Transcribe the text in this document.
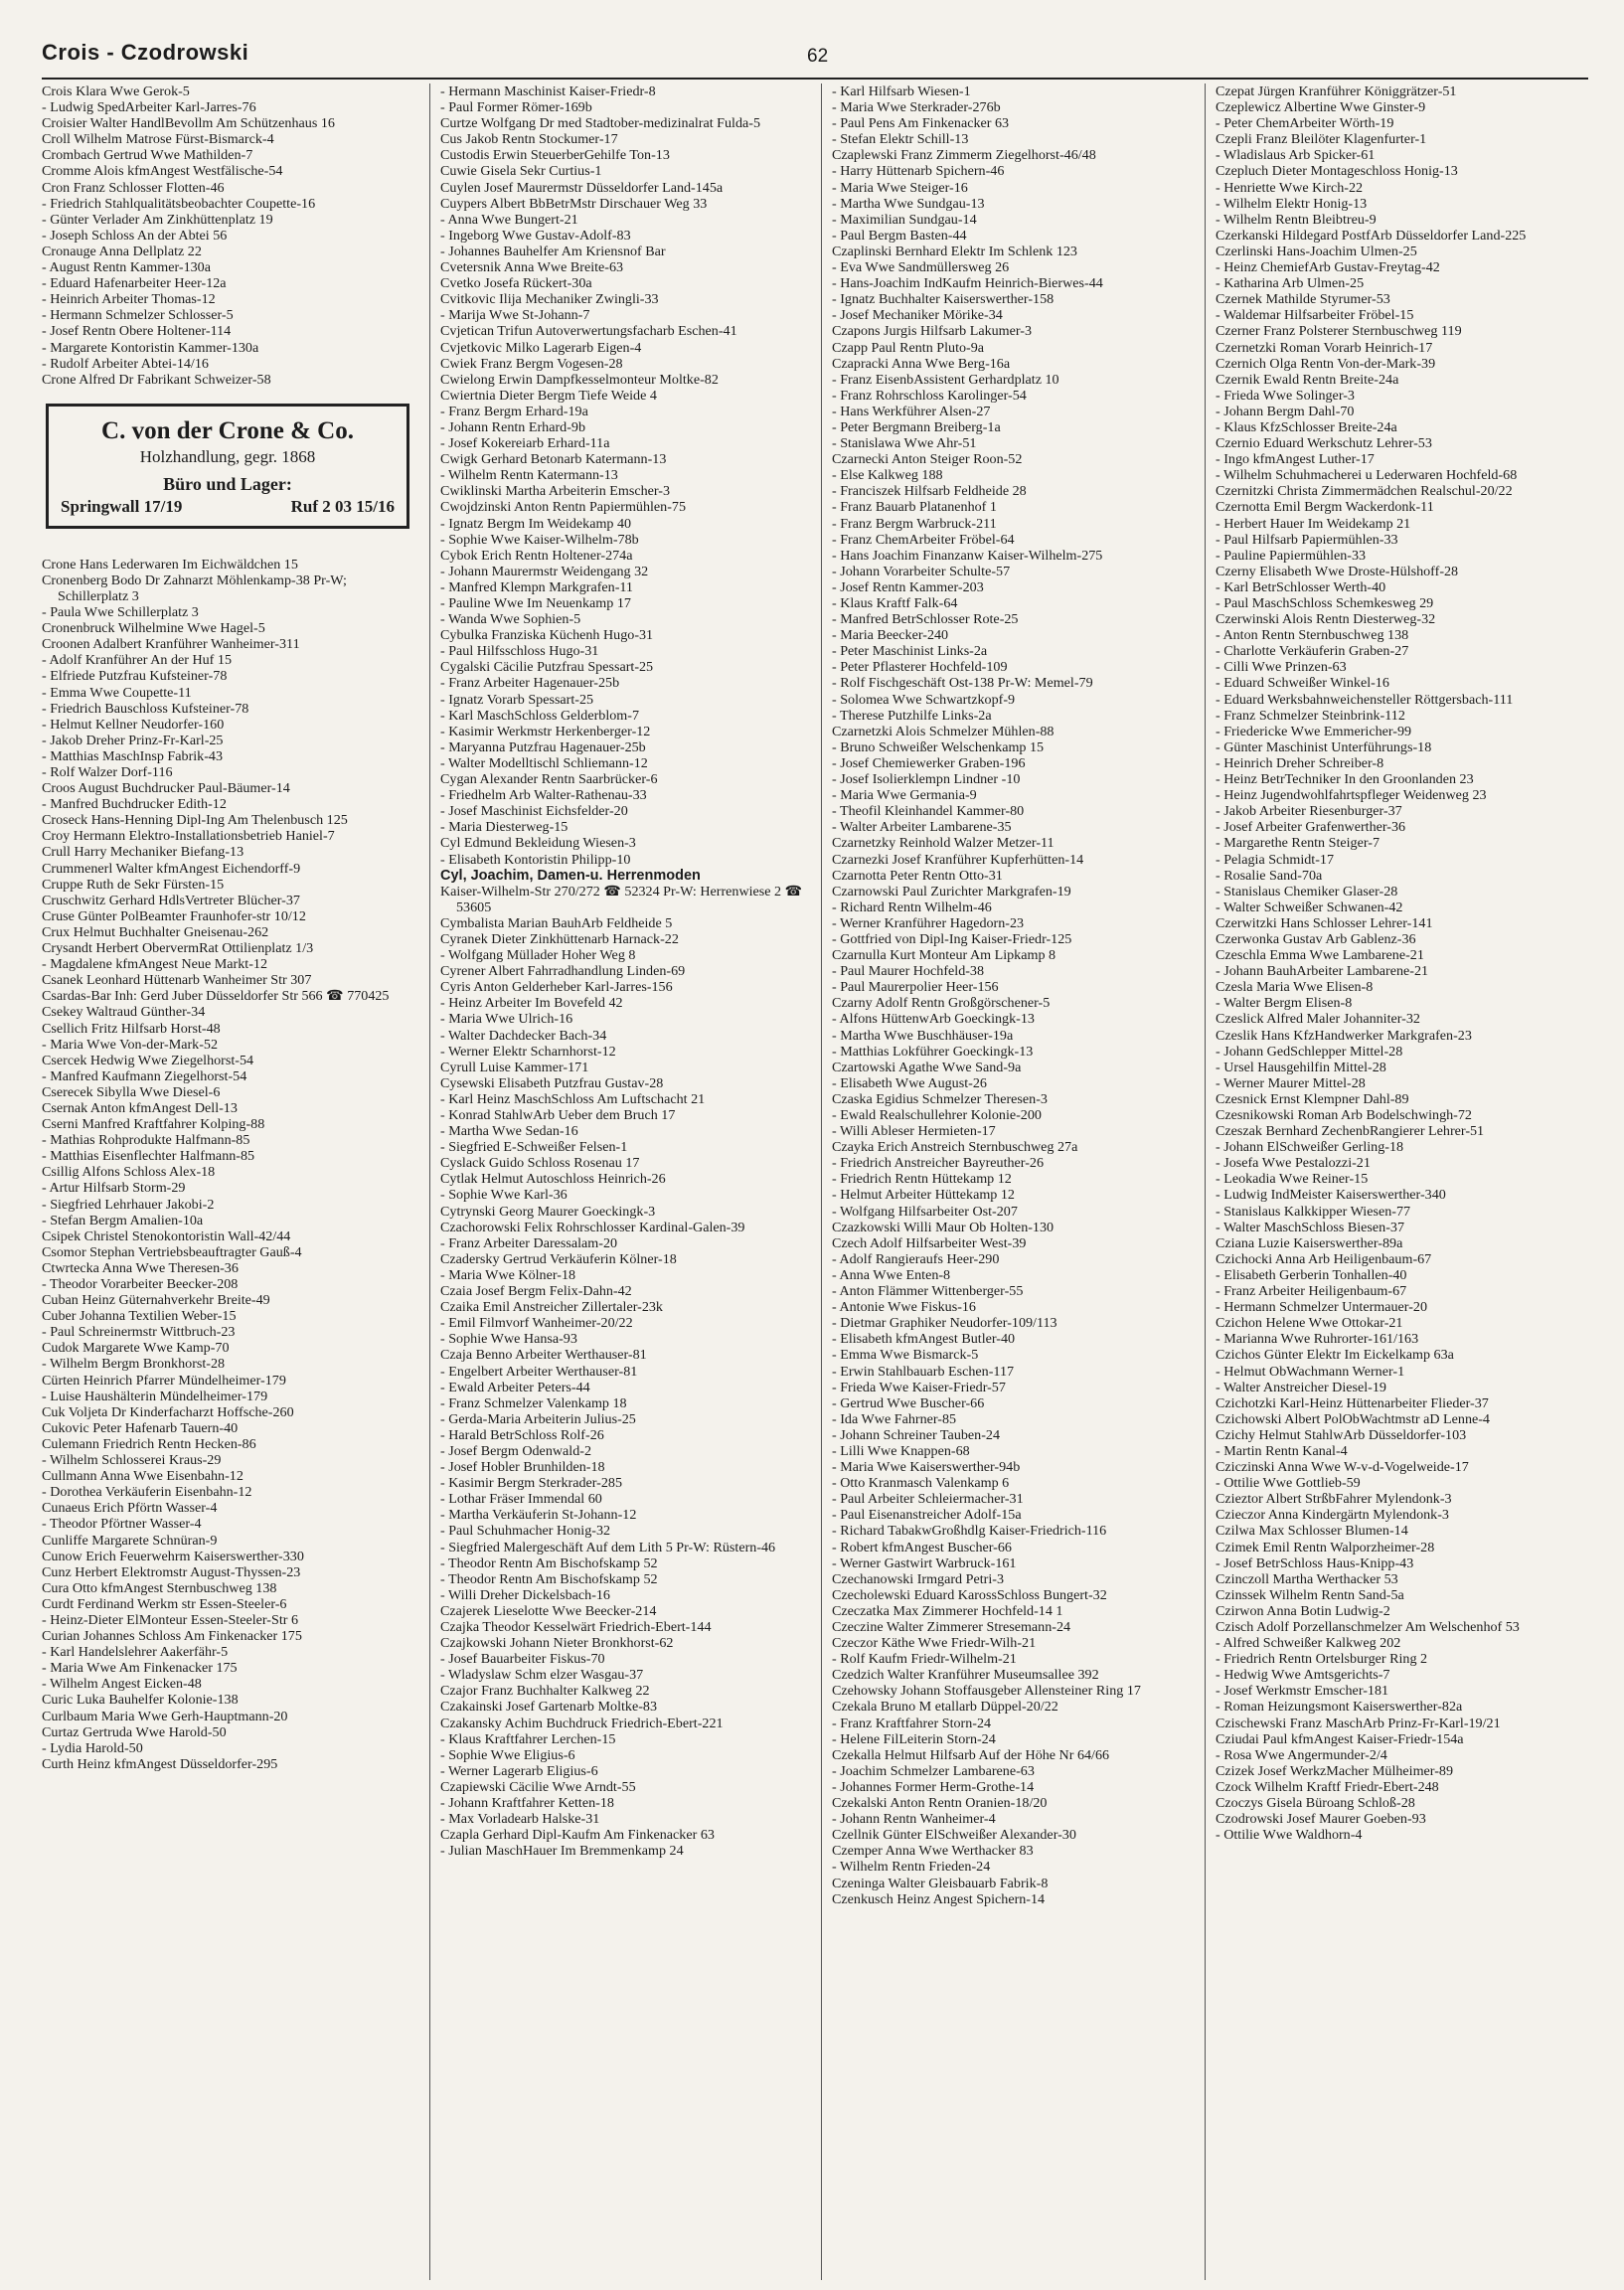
Crois - Czodrowski	62
Crois Klara Wwe Gerok-5
- Ludwig SpedArbeiter Karl-Jarres-76
Croisier Walter HandlBevollm Am Schützenhaus 16
Croll Wilhelm Matrose Fürst-Bismarck-4
Crombach Gertrud Wwe Mathilden-7
Cromme Alois kfmAngest Westfälische-54
Cron Franz Schlosser Flotten-46
- Friedrich Stahlqualitätsbeobachter Coupette-16
- Günter Verlader Am Zinkhüttenplatz 19
- Joseph Schloss An der Abtei 56
Cronauge Anna Dellplatz 22
- August Rentn Kammer-130a
- Eduard Hafenarbeiter Heer-12a
- Heinrich Arbeiter Thomas-12
- Hermann Schmelzer Schlosser-5
- Josef Rentn Obere Holtener-114
- Margarete Kontoristin Kammer-130a
- Rudolf Arbeiter Abtei-14/16
Crone Alfred Dr Fabrikant Schweizer-58
C. von der Crone & Co.
Holzhandlung, gegr. 1868
Büro und Lager:
Springwall 17/19	Ruf 2 03 15/16
Crone Hans Lederwaren Im Eichwäldchen 15
Cronenberg Bodo Dr Zahnarzt Möhlenkamp-38 Pr-W; Schillerplatz 3
- Paula Wwe Schillerplatz 3
Cronenbruck Wilhelmine Wwe Hagel-5
Croonen Adalbert Kranführer Wanheimer-311
- Adolf Kranführer An der Huf 15
- Elfriede Putzfrau Kufsteiner-78
- Emma Wwe Coupette-11
- Friedrich Bauschloss Kufsteiner-78
- Helmut Kellner Neudorfer-160
- Jakob Dreher Prinz-Fr-Karl-25
- Matthias MaschInsp Fabrik-43
- Rolf Walzer Dorf-116
Croos August Buchdrucker Paul-Bäumer-14
- Manfred Buchdrucker Edith-12
Croseck Hans-Henning Dipl-Ing Am Thelenbusch 125
Croy Hermann Elektro-Installationsbetrieb Haniel-7
Crull Harry Mechaniker Biefang-13
Crummenerl Walter kfmAngest Eichendorff-9
Cruppe Ruth de Sekr Fürsten-15
Cruschwitz Gerhard HdlsVertreter Blücher-37
Cruse Günter PolBeamter Fraunhofer-str 10/12
Crux Helmut Buchhalter Gneisenau-262
Crysandt Herbert ObervermRat Ottilienplatz 1/3
- Magdalene kfmAngest Neue Markt-12
Csanek Leonhard Hüttenarb Wanheimer Str 307
Csardas-Bar Inh: Gerd Juber Düsseldorfer Str 566 ☎ 770425
Csekey Waltraud Günther-34
Csellich Fritz Hilfsarb Horst-48
- Maria Wwe Von-der-Mark-52
Csercek Hedwig Wwe Ziegelhorst-54
- Manfred Kaufmann Ziegelhorst-54
Cserecek Sibylla Wwe Diesel-6
Csernak Anton kfmAngest Dell-13
Cserni Manfred Kraftfahrer Kolping-88
- Mathias Rohprodukte Halfmann-85
- Matthias Eisenflechter Halfmann-85
Csillig Alfons Schloss Alex-18
- Artur Hilfsarb Storm-29
- Siegfried Lehrhauer Jakobi-2
- Stefan Bergm Amalien-10a
Csipek Christel Stenokontoristin Wall-42/44
Csomor Stephan Vertriebsbeauftragter Gauß-4
Ctwrtecka Anna Wwe Theresen-36
- Theodor Vorarbeiter Beecker-208
Cuban Heinz Güternahverkehr Breite-49
Cuber Johanna Textilien Weber-15
- Paul Schreinermstr Wittbruch-23
Cudok Margarete Wwe Kamp-70
- Wilhelm Bergm Bronkhorst-28
Cürten Heinrich Pfarrer Mündelheimer-179
- Luise Haushälterin Mündelheimer-179
Cuk Voljeta Dr Kinderfacharzt Hoffsche-260
Cukovic Peter Hafenarb Tauern-40
Culemann Friedrich Rentn Hecken-86
- Wilhelm Schlosserei Kraus-29
Cullmann Anna Wwe Eisenbahn-12
- Dorothea Verkäuferin Eisenbahn-12
Cunaeus Erich Pförtn Wasser-4
- Theodor Pförtner Wasser-4
Cunliffe Margarete Schnüran-9
Cunow Erich Feuerwehrm Kaiserswerther-330
Cunz Herbert Elektromstr August-Thyssen-23
Cura Otto kfmAngest Sternbuschweg 138
Curdt Ferdinand Werkm str Essen-Steeler-6
- Heinz-Dieter ElMonteur Essen-Steeler-Str 6
Curian Johannes Schloss Am Finkenacker 175
- Karl Handelslehrer Aakerfähr-5
- Maria Wwe Am Finkenacker 175
- Wilhelm Angest Eicken-48
Curic Luka Bauhelfer Kolonie-138
Curlbaum Maria Wwe Gerh-Hauptmann-20
Curtaz Gertruda Wwe Harold-50
- Lydia Harold-50
Curth Heinz kfmAngest Düsseldorfer-295
- Hermann Maschinist Kaiser-Friedr-8
- Paul Former Römer-169b
Curtze Wolfgang Dr med Stadtober-medizinalrat Fulda-5
Cus Jakob Rentn Stockumer-17
Custodis Erwin SteuerberGehilfe Ton-13
Cuwie Gisela Sekr Curtius-1
Cuylen Josef Maurermstr Düsseldorfer Land-145a
Cuypers Albert BbBetrMstr Dirschauer Weg 33
- Anna Wwe Bungert-21
- Ingeborg Wwe Gustav-Adolf-83
- Johannes Bauhelfer Am Kriensnof Bar
Cvetersnik Anna Wwe Breite-63
Cvetko Josefa Rückert-30a
Cvitkovic Ilija Mechaniker Zwingli-33
- Marija Wwe St-Johann-7
Cvjetican Trifun Autoverwertungsfacharb Eschen-41
Cvjetkovic Milko Lagerarb Eigen-4
Cwiek Franz Bergm Vogesen-28
Cwielong Erwin Dampfkesselmonteur Moltke-82
Cwiertnia Dieter Bergm Tiefe Weide 4
- Franz Bergm Erhard-19a
- Johann Rentn Erhard-9b
- Josef Kokereiarb Erhard-11a
Cwigk Gerhard Betonarb Katermann-13
- Wilhelm Rentn Katermann-13
Cwiklinski Martha Arbeiterin Emscher-3
Cwojdzinski Anton Rentn Papiermühlen-75
- Ignatz Bergm Im Weidekamp 40
- Sophie Wwe Kaiser-Wilhelm-78b
Cybok Erich Rentn Holtener-274a
- Johann Maurermstr Weidengang 32
- Manfred Klempn Markgrafen-11
- Pauline Wwe Im Neuenkamp 17
- Wanda Wwe Sophien-5
Cybulka Franziska Küchenh Hugo-31
- Paul Hilfsschloss Hugo-31
Cygalski Cäcilie Putzfrau Spessart-25
- Franz Arbeiter Hagenauer-25b
- Ignatz Vorarb Spessart-25
- Karl MaschSchloss Gelderblom-7
- Kasimir Werkmstr Herkenberger-12
- Maryanna Putzfrau Hagenauer-25b
- Walter Modelltischl Schliemann-12
Cygan Alexander Rentn Saarbrücker-6
- Friedhelm Arb Walter-Rathenau-33
- Josef Maschinist Eichsfelder-20
- Maria Diesterweg-15
Cyl Edmund Bekleidung Wiesen-3
- Elisabeth Kontoristin Philipp-10
Cyl, Joachim, Damen-u. Herrenmoden
Kaiser-Wilhelm-Str 270/272 ☎ 52324 Pr-W: Herrenwiese 2 ☎ 53605
Cymbalista Marian BauhArb Feldheide 5
Cyranek Dieter Zinkhüttenarb Harnack-22
- Wolfgang Müllader Hoher Weg 8
Cyrener Albert Fahrradhandlung Linden-69
Cyris Anton Gelderheber Karl-Jarres-156
- Heinz Arbeiter Im Bovefeld 42
- Maria Wwe Ulrich-16
- Walter Dachdecker Bach-34
- Werner Elektr Scharnhorst-12
Cyrull Luise Kammer-171
Cysewski Elisabeth Putzfrau Gustav-28
- Karl Heinz MaschSchloss Am Luftschacht 21
- Konrad StahlwArb Ueber dem Bruch 17
- Martha Wwe Sedan-16
- Siegfried E-Schweißer Felsen-1
Cyslack Guido Schloss Rosenau 17
Cytlak Helmut Autoschloss Heinrich-26
- Sophie Wwe Karl-36
Cytrynski Georg Maurer Goeckingk-3
Czachorowski Felix Rohrschlosser Kardinal-Galen-39
- Franz Arbeiter Daressalam-20
Czadersky Gertrud Verkäuferin Kölner-18
- Maria Wwe Kölner-18
Czaia Josef Bergm Felix-Dahn-42
Czaika Emil Anstreicher Zillertaler-23k
- Emil Filmvorf Wanheimer-20/22
- Sophie Wwe Hansa-93
Czaja Benno Arbeiter Werthauser-81
- Engelbert Arbeiter Werthauser-81
- Ewald Arbeiter Peters-44
- Franz Schmelzer Valenkamp 18
- Gerda-Maria Arbeiterin Julius-25
- Harald BetrSchloss Rolf-26
- Josef Bergm Odenwald-2
- Josef Hobler Brunhilden-18
- Kasimir Bergm Sterkrader-285
- Lothar Fräser Immendal 60
- Martha Verkäuferin St-Johann-12
- Paul Schuhmacher Honig-32
- Siegfried Malergeschäft Auf dem Lith 5 Pr-W: Rüstern-46
- Theodor Rentn Am Bischofskamp 52
- Theodor Rentn Am Bischofskamp 52
- Willi Dreher Dickelsbach-16
Czajerek Lieselotte Wwe Beecker-214
Czajka Theodor Kesselwärt Friedrich-Ebert-144
Czajkowski Johann Nieter Bronkhorst-62
- Josef Bauarbeiter Fiskus-70
- Wladyslaw Schm elzer Wasgau-37
Czajor Franz Buchhalter Kalkweg 22
Czakainski Josef Gartenarb Moltke-83
Czakansky Achim Buchdruck Friedrich-Ebert-221
- Klaus Kraftfahrer Lerchen-15
- Sophie Wwe Eligius-6
- Werner Lagerarb Eligius-6
Czapiewski Cäcilie Wwe Arndt-55
- Johann Kraftfahrer Ketten-18
- Max Vorladearb Halske-31
Czapla Gerhard Dipl-Kaufm Am Finkenacker 63
- Julian MaschHauer Im Bremmenkamp 24
- Karl Hilfsarb Wiesen-1
- Maria Wwe Sterkrader-276b
- Paul Pens Am Finkenacker 63
- Stefan Elektr Schill-13
Czaplewski Franz Zimmerm Ziegelhorst-46/48
- Harry Hüttenarb Spichern-46
- Maria Wwe Steiger-16
- Martha Wwe Sundgau-13
- Maximilian Sundgau-14
- Paul Bergm Basten-44
Czaplinski Bernhard Elektr Im Schlenk 123
- Eva Wwe Sandmüllersweg 26
- Hans-Joachim IndKaufm Heinrich-Bierwes-44
- Ignatz Buchhalter Kaiserswerther-158
- Josef Mechaniker Mörike-34
Czapons Jurgis Hilfsarb Lakumer-3
Czapp Paul Rentn Pluto-9a
Czapracki Anna Wwe Berg-16a
- Franz EisenbAssistent Gerhardplatz 10
- Franz Rohrschloss Karolinger-54
- Hans Werkführer Alsen-27
- Peter Bergmann Breiberg-1a
- Stanislawa Wwe Ahr-51
Czarnecki Anton Steiger Roon-52
- Else Kalkweg 188
- Franciszek Hilfsarb Feldheide 28
- Franz Bauarb Platanenhof 1
- Franz Bergm Warbruck-211
- Franz ChemArbeiter Fröbel-64
- Hans Joachim Finanzanw Kaiser-Wilhelm-275
- Johann Vorarbeiter Schulte-57
- Josef Rentn Kammer-203
- Klaus Kraftf Falk-64
- Manfred BetrSchlosser Rote-25
- Maria Beecker-240
- Peter Maschinist Links-2a
- Peter Pflasterer Hochfeld-109
- Rolf Fischgeschäft Ost-138 Pr-W: Memel-79
- Solomea Wwe Schwartzkopf-9
- Therese Putzhilfe Links-2a
Czarnetzki Alois Schmelzer Mühlen-88
- Bruno Schweißer Welschenkamp 15
- Josef Chemiewerker Graben-196
- Josef Isolierklempn Lindner -10
- Maria Wwe Germania-9
- Theofil Kleinhandel Kammer-80
- Walter Arbeiter Lambarene-35
Czarnetzky Reinhold Walzer Metzer-11
Czarnezki Josef Kranführer Kupferhütten-14
Czarnotta Peter Rentn Otto-31
Czarnowski Paul Zurichter Markgrafen-19
- Richard Rentn Wilhelm-46
- Werner Kranführer Hagedorn-23
- Gottfried von Dipl-Ing Kaiser-Friedr-125
Czarnulla Kurt Monteur Am Lipkamp 8
- Paul Maurer Hochfeld-38
- Paul Maurerpolier Heer-156
Czarny Adolf Rentn Großgörschener-5
- Alfons HüttenwArb Goeckingk-13
- Martha Wwe Buschhäuser-19a
- Matthias Lokführer Goeckingk-13
Czartowski Agathe Wwe Sand-9a
- Elisabeth Wwe August-26
Czaska Egidius Schmelzer Theresen-3
- Ewald Realschullehrer Kolonie-200
- Willi Ableser Hermieten-17
Czayka Erich Anstreich Sternbuschweg 27a
- Friedrich Anstreicher Bayreuther-26
- Friedrich Rentn Hüttekamp 12
- Helmut Arbeiter Hüttekamp 12
- Wolfgang Hilfsarbeiter Ost-207
Czazkowski Willi Maur Ob Holten-130
Czech Adolf Hilfsarbeiter West-39
- Adolf Rangieraufs Heer-290
- Anna Wwe Enten-8
- Anton Flämmer Wittenberger-55
- Antonie Wwe Fiskus-16
- Dietmar Graphiker Neudorfer-109/113
- Elisabeth kfmAngest Butler-40
- Emma Wwe Bismarck-5
- Erwin Stahlbauarb Eschen-117
- Frieda Wwe Kaiser-Friedr-57
- Gertrud Wwe Buscher-66
- Ida Wwe Fahrner-85
- Johann Schreiner Tauben-24
- Lilli Wwe Knappen-68
- Maria Wwe Kaiserswerther-94b
- Otto Kranmasch Valenkamp 6
- Paul Arbeiter Schleiermacher-31
- Paul Eisenanstreicher Adolf-15a
- Richard TabakwGroßhdlg Kaiser-Friedrich-116
- Robert kfmAngest Buscher-66
- Werner Gastwirt Warbruck-161
Czechanowski Irmgard Petri-3
Czecholewski Eduard KarossSchloss Bungert-32
Czeczatka Max Zimmerer Hochfeld-14 1
Czeczine Walter Zimmerer Stresemann-24
Czeczor Käthe Wwe Friedr-Wilh-21
- Rolf Kaufm Friedr-Wilhelm-21
Czedzich Walter Kranführer Museumsallee 392
Czehowsky Johann Stoffausgeber Allensteiner Ring 17
Czekala Bruno M etallarb Düppel-20/22
- Franz Kraftfahrer Storn-24
- Helene FilLeiterin Storn-24
Czekalla Helmut Hilfsarb Auf der Höhe Nr 64/66
- Joachim Schmelzer Lambarene-63
- Johannes Former Herm-Grothe-14
Czekalski Anton Rentn Oranien-18/20
- Johann Rentn Wanheimer-4
Czellnik Günter ElSchweißer Alexander-30
Czemper Anna Wwe Werthacker 83
- Wilhelm Rentn Frieden-24
Czeninga Walter Gleisbauarb Fabrik-8
Czenkusch Heinz Angest Spichern-14
Czepat Jürgen Kranführer Königgrätzer-51
Czeplewicz Albertine Wwe Ginster-9
- Peter ChemArbeiter Wörth-19
Czepli Franz Bleilöter Klagenfurter-1
- Wladislaus Arb Spicker-61
Czepluch Dieter Montageschloss Honig-13
- Henriette Wwe Kirch-22
- Wilhelm Elektr Honig-13
- Wilhelm Rentn Bleibtreu-9
Czerkanski Hildegard PostfArb Düsseldorfer Land-225
Czerlinski Hans-Joachim Ulmen-25
- Heinz ChemiefArb Gustav-Freytag-42
- Katharina Arb Ulmen-25
Czernek Mathilde Styrumer-53
- Waldemar Hilfsarbeiter Fröbel-15
Czerner Franz Polsterer Sternbuschweg 119
Czernetzki Roman Vorarb Heinrich-17
Czernich Olga Rentn Von-der-Mark-39
Czernik Ewald Rentn Breite-24a
- Frieda Wwe Solinger-3
- Johann Bergm Dahl-70
- Klaus KfzSchlosser Breite-24a
Czernio Eduard Werkschutz Lehrer-53
- Ingo kfmAngest Luther-17
- Wilhelm Schuhmacherei u Lederwaren Hochfeld-68
Czernitzki Christa Zimmermädchen Realschul-20/22
Czernotta Emil Bergm Wackerdonk-11
- Herbert Hauer Im Weidekamp 21
- Paul Hilfsarb Papiermühlen-33
- Pauline Papiermühlen-33
Czerny Elisabeth Wwe Droste-Hülshoff-28
- Karl BetrSchlosser Werth-40
- Paul MaschSchloss Schemkesweg 29
Czerwinski Alois Rentn Diesterweg-32
- Anton Rentn Sternbuschweg 138
- Charlotte Verkäuferin Graben-27
- Cilli Wwe Prinzen-63
- Eduard Schweißer Winkel-16
- Eduard Werksbahnweichensteller Röttgersbach-111
- Franz Schmelzer Steinbrink-112
- Friedericke Wwe Emmericher-99
- Günter Maschinist Unterführungs-18
- Heinrich Dreher Schreiber-8
- Heinz BetrTechniker In den Groonlanden 23
- Heinz Jugendwohlfahrtspfleger Weidenweg 23
- Jakob Arbeiter Riesenburger-37
- Josef Arbeiter Grafenwerther-36
- Margarethe Rentn Steiger-7
- Pelagia Schmidt-17
- Rosalie Sand-70a
- Stanislaus Chemiker Glaser-28
- Walter Schweißer Schwanen-42
Czerwitzki Hans Schlosser Lehrer-141
Czerwonka Gustav Arb Gablenz-36
Czeschla Emma Wwe Lambarene-21
- Johann BauhArbeiter Lambarene-21
Czesla Maria Wwe Elisen-8
- Walter Bergm Elisen-8
Czeslick Alfred Maler Johanniter-32
Czeslik Hans KfzHandwerker Markgrafen-23
- Johann GedSchlepper Mittel-28
- Ursel Hausgehilfin Mittel-28
- Werner Maurer Mittel-28
Czesnick Ernst Klempner Dahl-89
Czesnikowski Roman Arb Bodelschwingh-72
Czeszak Bernhard ZechenbRangierer Lehrer-51
- Johann ElSchweißer Gerling-18
- Josefa Wwe Pestalozzi-21
- Leokadia Wwe Reiner-15
- Ludwig IndMeister Kaiserswerther-340
- Stanislaus Kalkkipper Wiesen-77
- Walter MaschSchloss Biesen-37
Cziana Luzie Kaiserswerther-89a
Czichocki Anna Arb Heiligenbaum-67
- Elisabeth Gerberin Tonhallen-40
- Franz Arbeiter Heiligenbaum-67
- Hermann Schmelzer Untermauer-20
Czichon Helene Wwe Ottokar-21
- Marianna Wwe Ruhrorter-161/163
Czichos Günter Elektr Im Eickelkamp 63a
- Helmut ObWachmann Werner-1
- Walter Anstreicher Diesel-19
Czichotzki Karl-Heinz Hüttenarbeiter Flieder-37
Czichowski Albert PolObWachtmstr aD Lenne-4
Czichy Helmut StahlwArb Düsseldorfer-103
- Martin Rentn Kanal-4
Cziczinski Anna Wwe W-v-d-Vogelweide-17
- Ottilie Wwe Gottlieb-59
Czieztor Albert StrßbFahrer Mylendonk-3
Czieczor Anna Kindergärtn Mylendonk-3
Czilwa Max Schlosser Blumen-14
Czimek Emil Rentn Walporzheimer-28
- Josef BetrSchloss Haus-Knipp-43
Czinczoll Martha Werthacker 53
Czinssek Wilhelm Rentn Sand-5a
Czirwon Anna Botin Ludwig-2
Czisch Adolf Porzellanschmelzer Am Welschenhof 53
- Alfred Schweißer Kalkweg 202
- Friedrich Rentn Ortelsburger Ring 2
- Hedwig Wwe Amtsgerichts-7
- Josef Werkmstr Emscher-181
- Roman Heizungsmont Kaiserswerther-82a
Czischewski Franz MaschArb Prinz-Fr-Karl-19/21
Cziudai Paul kfmAngest Kaiser-Friedr-154a
- Rosa Wwe Angermunder-2/4
Czizek Josef WerkzMacher Mülheimer-89
Czock Wilhelm Kraftf Friedr-Ebert-248
Czoczys Gisela Büroang Schloß-28
Czodrowski Josef Maurer Goeben-93
- Ottilie Wwe Waldhorn-4
